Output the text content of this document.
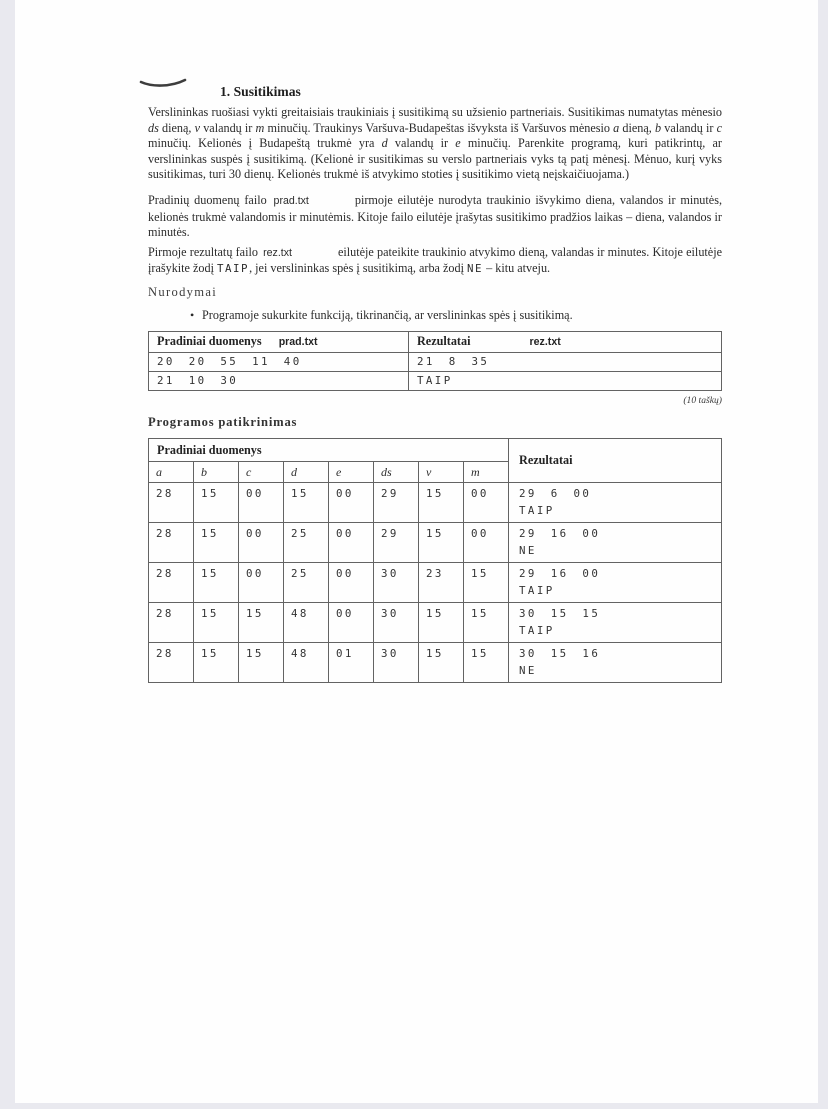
1. Susitikimas

Verslininkas ruošiasi vykti greitaisiais traukiniais į susitikimą su užsienio partneriais. Susitikimas numatytas mėnesio ds dieną, v valandų ir m minučių. Traukinys Varšuva-Budapeštas išvyksta iš Varšuvos mėnesio a dieną, b valandų ir c minučių. Kelionės į Budapeštą trukmė yra d valandų ir e minučių. Parenkite programą, kuri patikrintų, ar verslininkas suspės į susitikimą. (Kelionė ir susitikimas su verslo partneriais vyks tą patį mėnesį. Mėnuo, kurį vyks susitikimas, turi 30 dienų. Kelionės trukmė iš atvykimo stoties į susitikimo vietą neįskaičiuojama.)

Pradinių duomenų failo prad.txt	pirmoje eilutėje nurodyta traukinio išvykimo diena, valandos ir minutės, kelionės trukmė valandomis ir minutėmis. Kitoje failo eilutėje įrašytas susitikimo pradžios laikas – diena, valandos ir minutės.

Pirmoje rezultatų failo rez.txt	eilutėje pateikite traukinio atvykimo dieną, valandas ir minutes. Kitoje eilutėje įrašykite žodį TAIP, jei verslininkas spės į susitikimą, arba žodį NE – kitu atveju.

Nurodymai
• Programoje sukurkite funkciją, tikrinančią, ar verslininkas spės į susitikimą.
Pradiniai duomenys prad.txt	Rezultatai rez.txt
20 20 55 11 40	21 8 35
21 10 30	TAIP
(10 taškų)
Programos patikrinimas
Pradiniai duomenys								Rezultatai
a	b	c	d	e	ds	v	m	
28	15	00	15	00	29	15	00	29 6 00
TAIP

28	15	00	25	00	29	15	00	29 16 00
NE

28	15	00	25	00	30	23	15	29 16 00
TAIP

28	15	15	48	00	30	15	15	30 15 15
TAIP

28	15	15	48	01	30	15	15	30 15 16
NE
